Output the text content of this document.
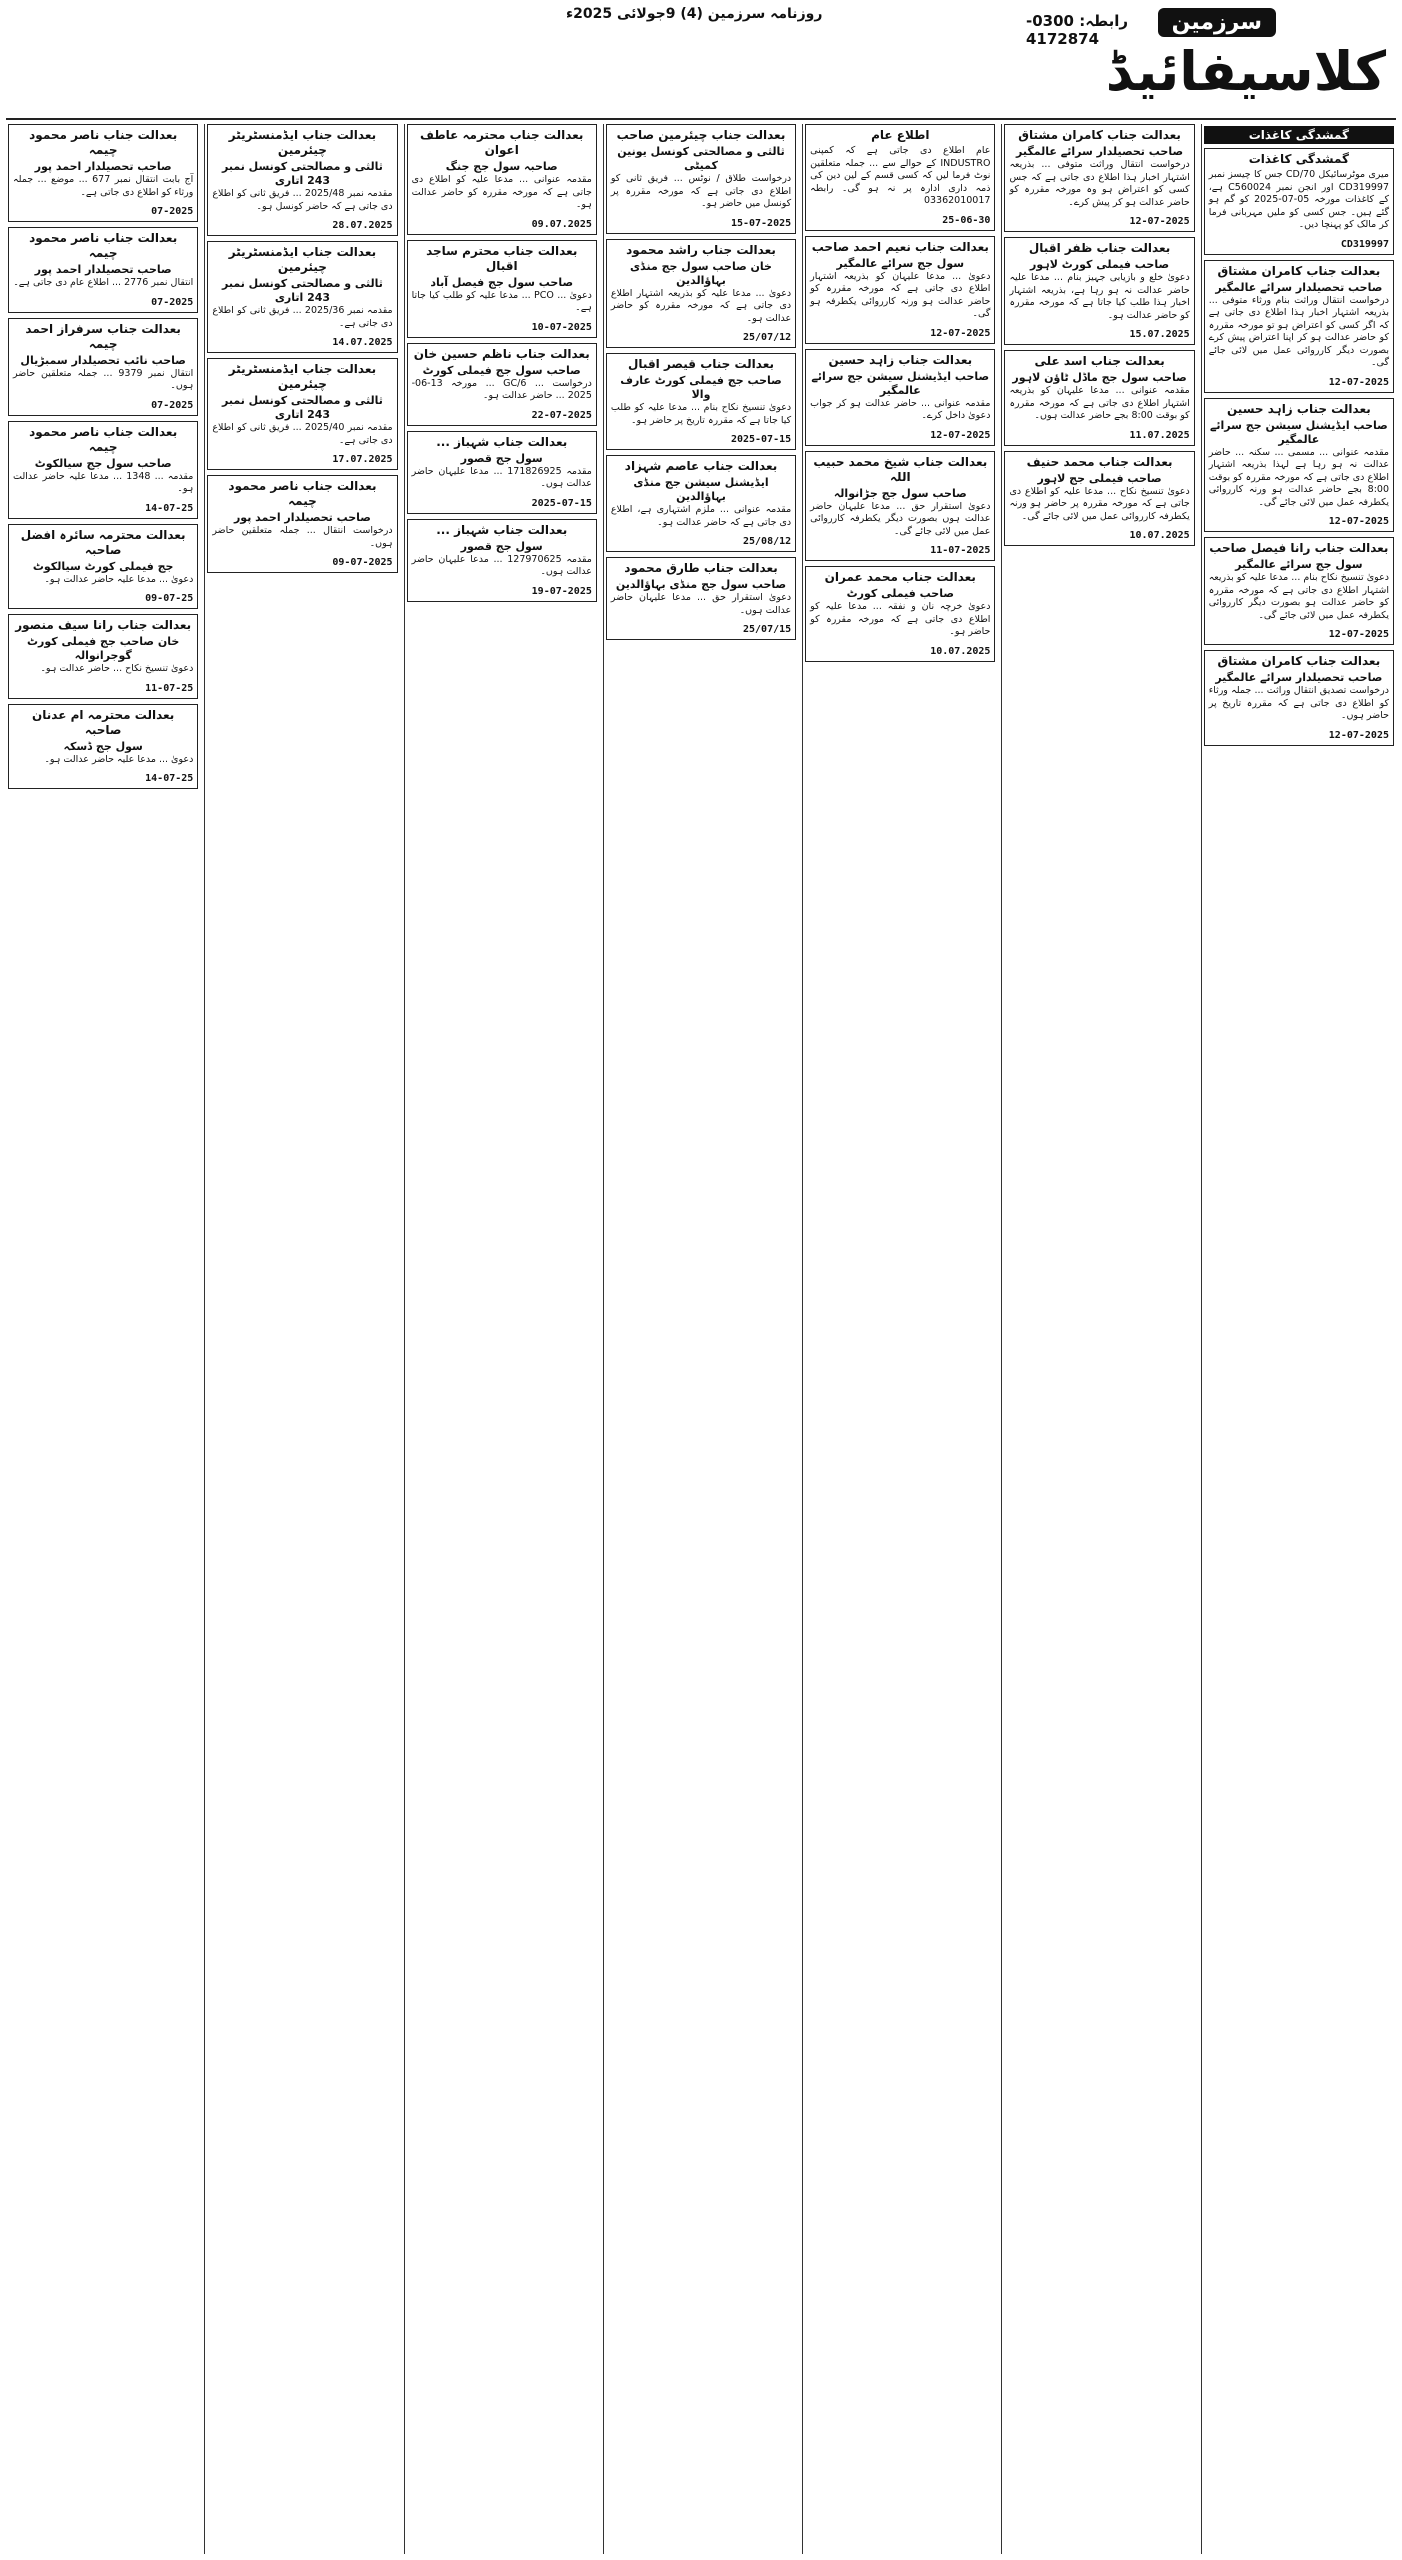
روزنامہ سرزمین (4) 9جولائی 2025ء	سرزمین
رابطہ: 0300-4172874
کلاسیفائیڈ
گمشدگی کاغذات
گمشدگی کاغذات

میری موٹرسائیکل CD/70 جس کا چیسز نمبر CD319997 اور انجن نمبر C560024 ہے، کے کاغذات مورخہ 05-07-2025 کو گم ہو گئے ہیں۔ جس کسی کو ملیں مہربانی فرما کر مالک کو پہنچا دیں۔

CD319997
بعدالت جناب کامران مشتاق
صاحب تحصیلدار سرائے عالمگیر

درخواست انتقال وراثت بنام ورثاء متوفی ... بذریعہ اشتہار اخبار ہذا اطلاع دی جاتی ہے کہ اگر کسی کو اعتراض ہو تو مورخہ مقررہ کو حاضر عدالت ہو کر اپنا اعتراض پیش کرے بصورت دیگر کارروائی عمل میں لائی جائے گی۔

12-07-2025
بعدالت جناب زاہد حسین
صاحب ایڈیشنل سیشن جج سرائے عالمگیر

مقدمہ عنوانی ... مسمی ... سکنہ ... حاضر عدالت نہ ہو رہا ہے لہذا بذریعہ اشتہار اطلاع دی جاتی ہے کہ مورخہ مقررہ کو بوقت 8:00 بجے حاضر عدالت ہو ورنہ کارروائی یکطرفہ عمل میں لائی جائے گی۔

12-07-2025
بعدالت جناب رانا فیصل صاحب
سول جج سرائے عالمگیر

دعویٰ تنسیخ نکاح بنام ... مدعا علیہ کو بذریعہ اشتہار اطلاع دی جاتی ہے کہ مورخہ مقررہ کو حاضر عدالت ہو بصورت دیگر کارروائی یکطرفہ عمل میں لائی جائے گی۔

12-07-2025
بعدالت جناب کامران مشتاق
صاحب تحصیلدار سرائے عالمگیر

درخواست تصدیق انتقال وراثت ... جملہ ورثاء کو اطلاع دی جاتی ہے کہ مقررہ تاریخ پر حاضر ہوں۔

12-07-2025
بعدالت جناب کامران مشتاق
صاحب تحصیلدار سرائے عالمگیر

درخواست انتقال وراثت متوفی ... بذریعہ اشتہار اخبار ہذا اطلاع دی جاتی ہے کہ جس کسی کو اعتراض ہو وہ مورخہ مقررہ کو حاضر عدالت ہو کر پیش کرے۔

12-07-2025
بعدالت جناب ظفر اقبال
صاحب فیملی کورٹ لاہور

دعویٰ خلع و بازیابی جہیز بنام ... مدعا علیہ حاضر عدالت نہ ہو رہا ہے، بذریعہ اشتہار اخبار ہذا طلب کیا جاتا ہے کہ مورخہ مقررہ کو حاضر عدالت ہو۔

15.07.2025
بعدالت جناب اسد علی
صاحب سول جج ماڈل ٹاؤن لاہور

مقدمہ عنوانی ... مدعا علیہان کو بذریعہ اشتہار اطلاع دی جاتی ہے کہ مورخہ مقررہ کو بوقت 8:00 بجے حاضر عدالت ہوں۔

11.07.2025
بعدالت جناب محمد حنیف
صاحب فیملی جج لاہور

دعویٰ تنسیخ نکاح ... مدعا علیہ کو اطلاع دی جاتی ہے کہ مورخہ مقررہ پر حاضر ہو ورنہ یکطرفہ کارروائی عمل میں لائی جائے گی۔

10.07.2025
اطلاع عام

عام اطلاع دی جاتی ہے کہ کمپنی INDUSTRO کے حوالے سے ... جملہ متعلقین نوٹ فرما لیں کہ کسی قسم کے لین دین کی ذمہ داری ادارہ پر نہ ہو گی۔ رابطہ 03362010017

25-06-30
بعدالت جناب نعیم احمد صاحب
سول جج سرائے عالمگیر

دعویٰ ... مدعا علیہان کو بذریعہ اشتہار اطلاع دی جاتی ہے کہ مورخہ مقررہ کو حاضر عدالت ہو ورنہ کارروائی یکطرفہ ہو گی۔

12-07-2025
بعدالت جناب زاہد حسین
صاحب ایڈیشنل سیشن جج سرائے عالمگیر

مقدمہ عنوانی ... حاضر عدالت ہو کر جواب دعویٰ داخل کرے۔

12-07-2025
بعدالت جناب شیخ محمد حبیب اللہ
صاحب سول جج جڑانوالہ

دعویٰ استقرار حق ... مدعا علیہان حاضر عدالت ہوں بصورت دیگر یکطرفہ کارروائی عمل میں لائی جائے گی۔

11-07-2025
بعدالت جناب محمد عمران
صاحب فیملی کورٹ

دعویٰ خرچہ نان و نفقہ ... مدعا علیہ کو اطلاع دی جاتی ہے کہ مورخہ مقررہ کو حاضر ہو۔

10.07.2025
بعدالت جناب چیئرمین صاحب
ثالثی و مصالحتی کونسل یونین کمیٹی

درخواست طلاق / نوٹس ... فریق ثانی کو اطلاع دی جاتی ہے کہ مورخہ مقررہ پر کونسل میں حاضر ہو۔

15-07-2025
بعدالت جناب راشد محمود
خان صاحب سول جج منڈی بہاؤالدین

دعویٰ ... مدعا علیہ کو بذریعہ اشتہار اطلاع دی جاتی ہے کہ مورخہ مقررہ کو حاضر عدالت ہو۔

25/07/12
بعدالت جناب قیصر اقبال
صاحب جج فیملی کورٹ عارف والا

دعویٰ تنسیخ نکاح بنام ... مدعا علیہ کو طلب کیا جاتا ہے کہ مقررہ تاریخ پر حاضر ہو۔

2025-07-15
بعدالت جناب عاصم شہزاد
ایڈیشنل سیشن جج منڈی بہاؤالدین

مقدمہ عنوانی ... ملزم اشتہاری ہے، اطلاع دی جاتی ہے کہ حاضر عدالت ہو۔

25/08/12
بعدالت جناب طارق محمود
صاحب سول جج منڈی بہاؤالدین

دعویٰ استقرار حق ... مدعا علیہان حاضر عدالت ہوں۔

25/07/15
بعدالت جناب محترمہ عاطف اعوان
صاحبہ سول جج جنگ

مقدمہ عنوانی ... مدعا علیہ کو اطلاع دی جاتی ہے کہ مورخہ مقررہ کو حاضر عدالت ہو۔

09.07.2025
بعدالت جناب محترم ساجد اقبال
صاحب سول جج فیصل آباد

دعویٰ ... PCO ... مدعا علیہ کو طلب کیا جاتا ہے۔

10-07-2025
بعدالت جناب ناظم حسین خان
صاحب سول جج فیملی کورٹ

درخواست ... 6/GC ... مورخہ 13-06-2025 ... حاضر عدالت ہو۔

22-07-2025
بعدالت جناب شہباز ...
سول جج قصور

مقدمہ 171826925 ... مدعا علیہان حاضر عدالت ہوں۔

2025-07-15
بعدالت جناب شہباز ...
سول جج قصور

مقدمہ 127970625 ... مدعا علیہان حاضر عدالت ہوں۔

19-07-2025
بعدالت جناب ایڈمنسٹریٹر چیئرمین
ثالثی و مصالحتی کونسل نمبر 243 اتاری

مقدمہ نمبر 2025/48 ... فریق ثانی کو اطلاع دی جاتی ہے کہ حاضر کونسل ہو۔

28.07.2025
بعدالت جناب ایڈمنسٹریٹر چیئرمین
ثالثی و مصالحتی کونسل نمبر 243 اتاری

مقدمہ نمبر 2025/36 ... فریق ثانی کو اطلاع دی جاتی ہے۔

14.07.2025
بعدالت جناب ایڈمنسٹریٹر چیئرمین
ثالثی و مصالحتی کونسل نمبر 243 اتاری

مقدمہ نمبر 2025/40 ... فریق ثانی کو اطلاع دی جاتی ہے۔

17.07.2025
بعدالت جناب ناصر محمود چیمہ
صاحب تحصیلدار احمد پور

درخواست انتقال ... جملہ متعلقین حاضر ہوں۔

09-07-2025
بعدالت جناب ناصر محمود چیمہ
صاحب تحصیلدار احمد پور

آج بابت انتقال نمبر 677 ... موضع ... جملہ ورثاء کو اطلاع دی جاتی ہے۔

07-2025
بعدالت جناب ناصر محمود چیمہ
صاحب تحصیلدار احمد پور

انتقال نمبر 2776 ... اطلاع عام دی جاتی ہے۔

07-2025
بعدالت جناب سرفراز احمد چیمہ
صاحب نائب تحصیلدار سمبڑیال

انتقال نمبر 9379 ... جملہ متعلقین حاضر ہوں۔

07-2025
بعدالت جناب ناصر محمود چیمہ
صاحب سول جج سیالکوٹ

مقدمہ ... 1348 ... مدعا علیہ حاضر عدالت ہو۔

14-07-25
بعدالت محترمہ سائرہ افضل صاحبہ
جج فیملی کورٹ سیالکوٹ

دعویٰ ... مدعا علیہ حاضر عدالت ہو۔

09-07-25
بعدالت جناب رانا سیف منصور
خان صاحب جج فیملی کورٹ گوجرانوالہ

دعویٰ تنسیخ نکاح ... حاضر عدالت ہو۔

11-07-25
بعدالت محترمہ ام عدنان صاحبہ
سول جج ڈسکہ

دعویٰ ... مدعا علیہ حاضر عدالت ہو۔

14-07-25
